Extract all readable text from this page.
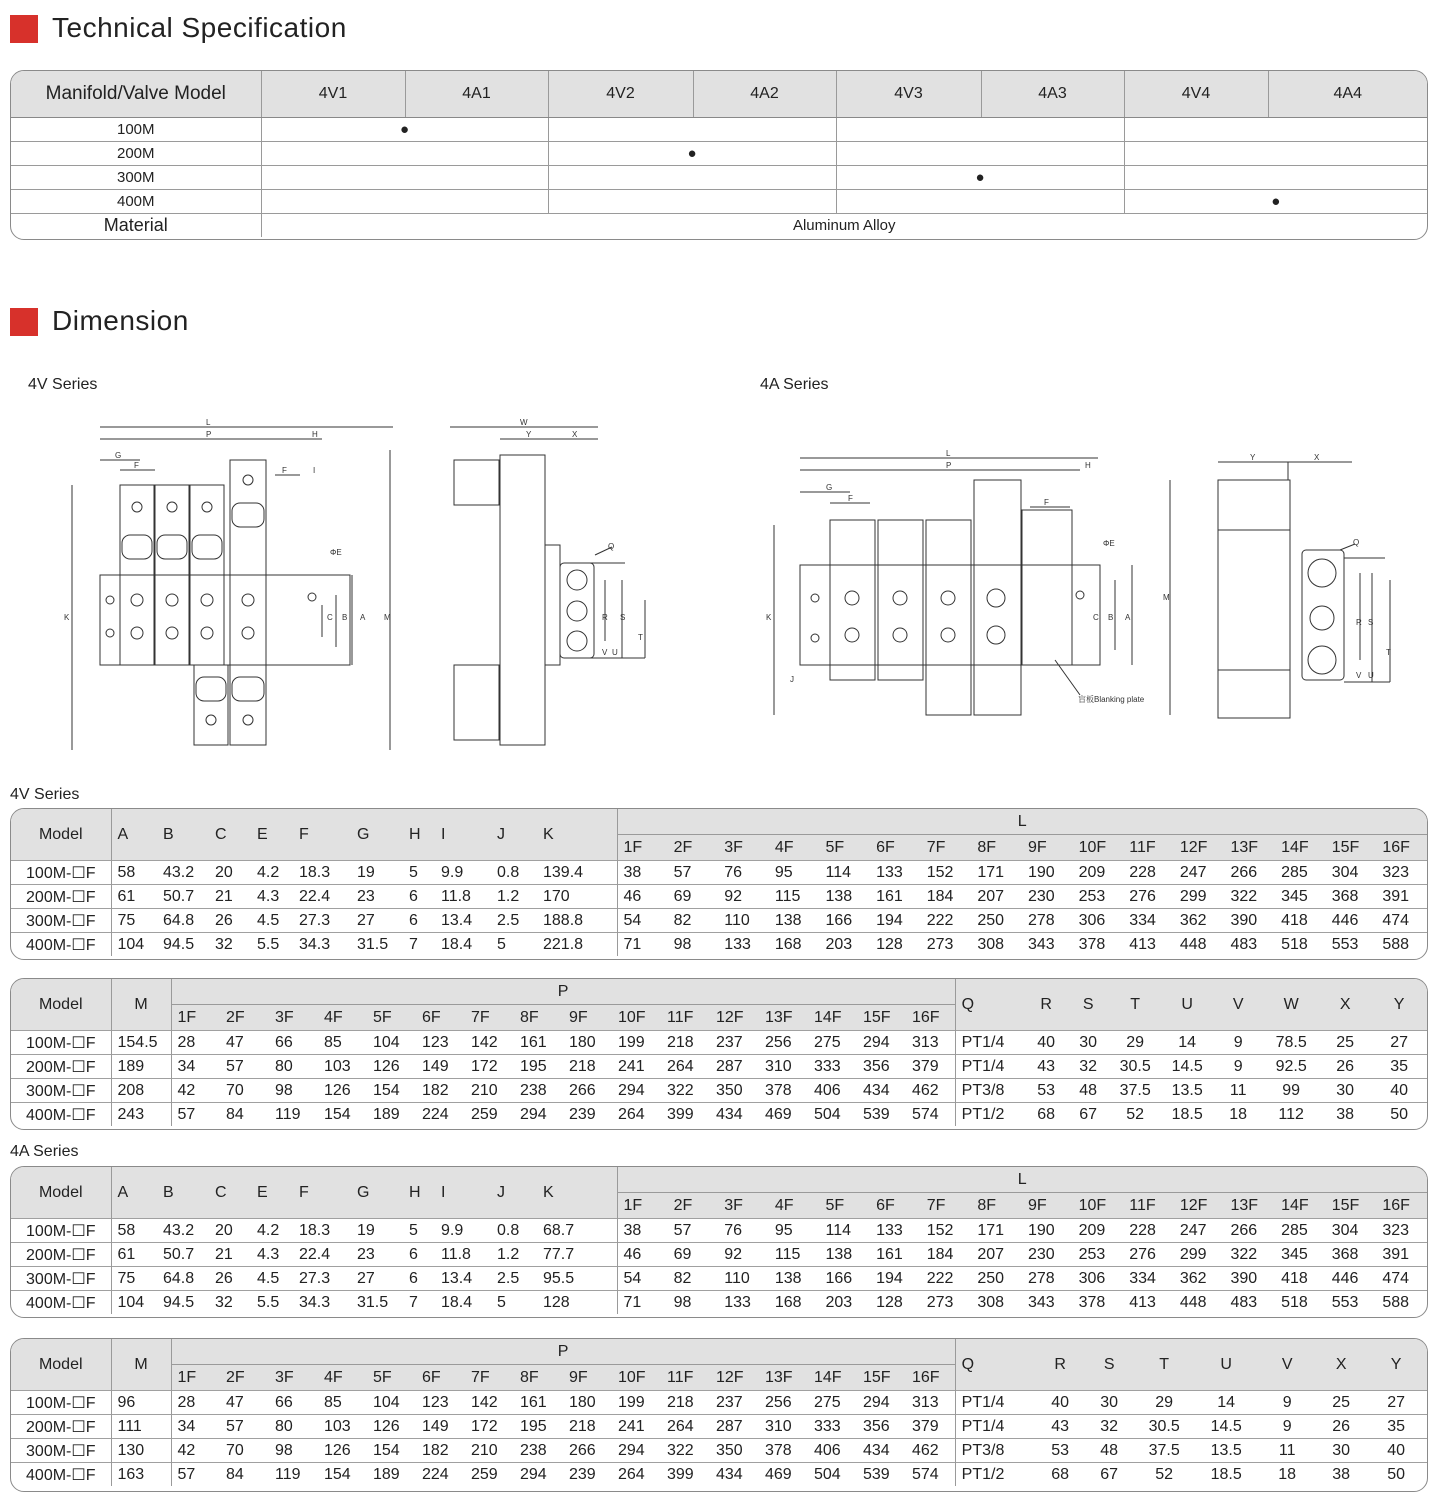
Technical Specification
Manifold/Valve Model	4V1	4A1	4V2	4A2	4V3	4A3	4V4	4A4
100M	●							
200M			●					
300M					●			
400M							●	
Material	Aluminum Alloy							
Dimension
4V Series	4A Series
L
P	H
G
F
F	I
K	M
A
B
C
ΦE
W
Y	X
Q
R S
T
U
V
L
P	H
G
F	F
K
M
A
B
C
ΦE
J
盲板Blanking plate
Y	X
Q
R S
T
U
V
4V Series
Model	A	B	C	E	F	G	H	I	J	K	L															
											1F	2F	3F	4F	5F	6F	7F	8F	9F	10F	11F	12F	13F	14F	15F	16F
100M-☐F	58	43.2	20	4.2	18.3	19	5	9.9	0.8	139.4	38	57	76	95	114	133	152	171	190	209	228	247	266	285	304	323
200M-☐F	61	50.7	21	4.3	22.4	23	6	11.8	1.2	170	46	69	92	115	138	161	184	207	230	253	276	299	322	345	368	391
300M-☐F	75	64.8	26	4.5	27.3	27	6	13.4	2.5	188.8	54	82	110	138	166	194	222	250	278	306	334	362	390	418	446	474
400M-☐F	104	94.5	32	5.5	34.3	31.5	7	18.4	5	221.8	71	98	133	168	203	128	273	308	343	378	413	448	483	518	553	588
Model	M	P																Q	R	S	T	U	V	W	X	Y
		1F	2F	3F	4F	5F	6F	7F	8F	9F	10F	11F	12F	13F	14F	15F	16F									
100M-☐F	154.5	28	47	66	85	104	123	142	161	180	199	218	237	256	275	294	313	PT1/4	40	30	29	14	9	78.5	25	27
200M-☐F	189	34	57	80	103	126	149	172	195	218	241	264	287	310	333	356	379	PT1/4	43	32	30.5	14.5	9	92.5	26	35
300M-☐F	208	42	70	98	126	154	182	210	238	266	294	322	350	378	406	434	462	PT3/8	53	48	37.5	13.5	11	99	30	40
400M-☐F	243	57	84	119	154	189	224	259	294	239	264	399	434	469	504	539	574	PT1/2	68	67	52	18.5	18	112	38	50
4A Series
Model	A	B	C	E	F	G	H	I	J	K	L															
											1F	2F	3F	4F	5F	6F	7F	8F	9F	10F	11F	12F	13F	14F	15F	16F
100M-☐F	58	43.2	20	4.2	18.3	19	5	9.9	0.8	68.7	38	57	76	95	114	133	152	171	190	209	228	247	266	285	304	323
200M-☐F	61	50.7	21	4.3	22.4	23	6	11.8	1.2	77.7	46	69	92	115	138	161	184	207	230	253	276	299	322	345	368	391
300M-☐F	75	64.8	26	4.5	27.3	27	6	13.4	2.5	95.5	54	82	110	138	166	194	222	250	278	306	334	362	390	418	446	474
400M-☐F	104	94.5	32	5.5	34.3	31.5	7	18.4	5	128	71	98	133	168	203	128	273	308	343	378	413	448	483	518	553	588
Model	M	P																Q	R	S	T	U	V	X	Y
		1F	2F	3F	4F	5F	6F	7F	8F	9F	10F	11F	12F	13F	14F	15F	16F								
100M-☐F	96	28	47	66	85	104	123	142	161	180	199	218	237	256	275	294	313	PT1/4	40	30	29	14	9	25	27
200M-☐F	111	34	57	80	103	126	149	172	195	218	241	264	287	310	333	356	379	PT1/4	43	32	30.5	14.5	9	26	35
300M-☐F	130	42	70	98	126	154	182	210	238	266	294	322	350	378	406	434	462	PT3/8	53	48	37.5	13.5	11	30	40
400M-☐F	163	57	84	119	154	189	224	259	294	239	264	399	434	469	504	539	574	PT1/2	68	67	52	18.5	18	38	50
